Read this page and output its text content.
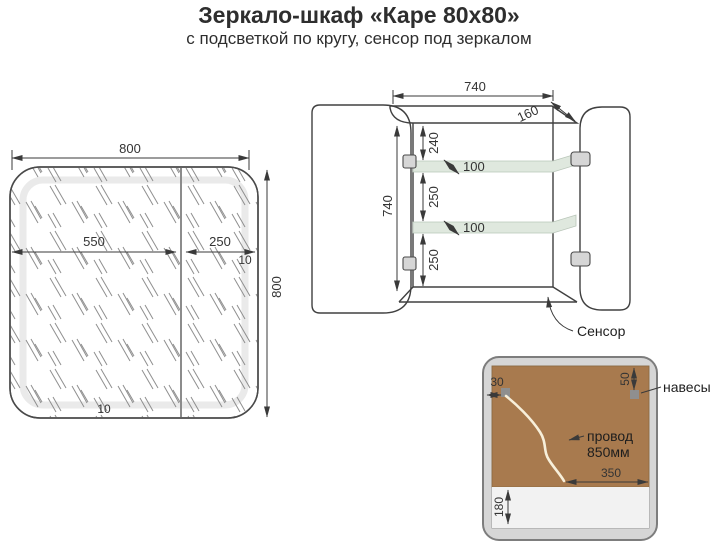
Зеркало-шкаф «Каре 80х80»
с подсветкой по кругу, сенсор под зеркалом
800
550	250
10
800
10
740
160
740
240
250
250
100
100
Сенсор
30	50 навесы
провод
850мм
350
180
